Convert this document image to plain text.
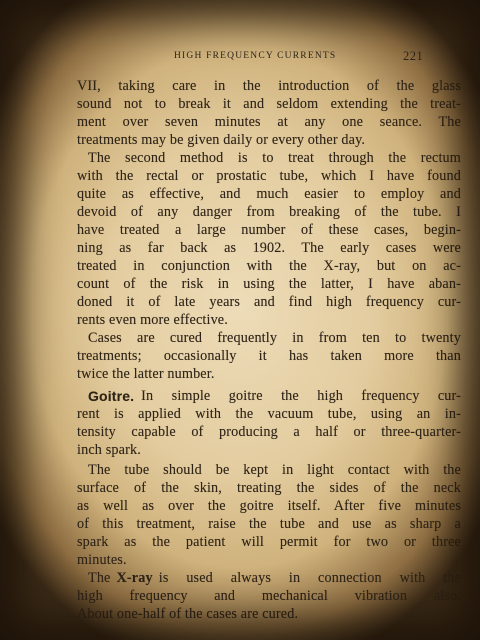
HIGH FREQUENCY CURRENTS	221
VII, taking care in the introduction of the glass
sound not to break it and seldom extending the treat-
ment over seven minutes at any one seance. The
treatments may be given daily or every other day.
The second method is to treat through the rectum
with the rectal or prostatic tube, which I have found
quite as effective, and much easier to employ and
devoid of any danger from breaking of the tube. I
have treated a large number of these cases, begin-
ning as far back as 1902. The early cases were
treated in conjunction with the X-ray, but on ac-
count of the risk in using the latter, I have aban-
doned it of late years and find high frequency cur-
rents even more effective.
Cases are cured frequently in from ten to twenty
treatments; occasionally it has taken more than
twice the latter number.
Goitre. In simple goitre the high frequency cur-
rent is applied with the vacuum tube, using an in-
tensity capable of producing a half or three-quarter-
inch spark.
The tube should be kept in light contact with the
surface of the skin, treating the sides of the neck
as well as over the goitre itself. After five minutes
of this treatment, raise the tube and use as sharp a
spark as the patient will permit for two or three
minutes.
The X-ray is used always in connection with the
high frequency and mechanical vibration also.
About one-half of the cases are cured.
